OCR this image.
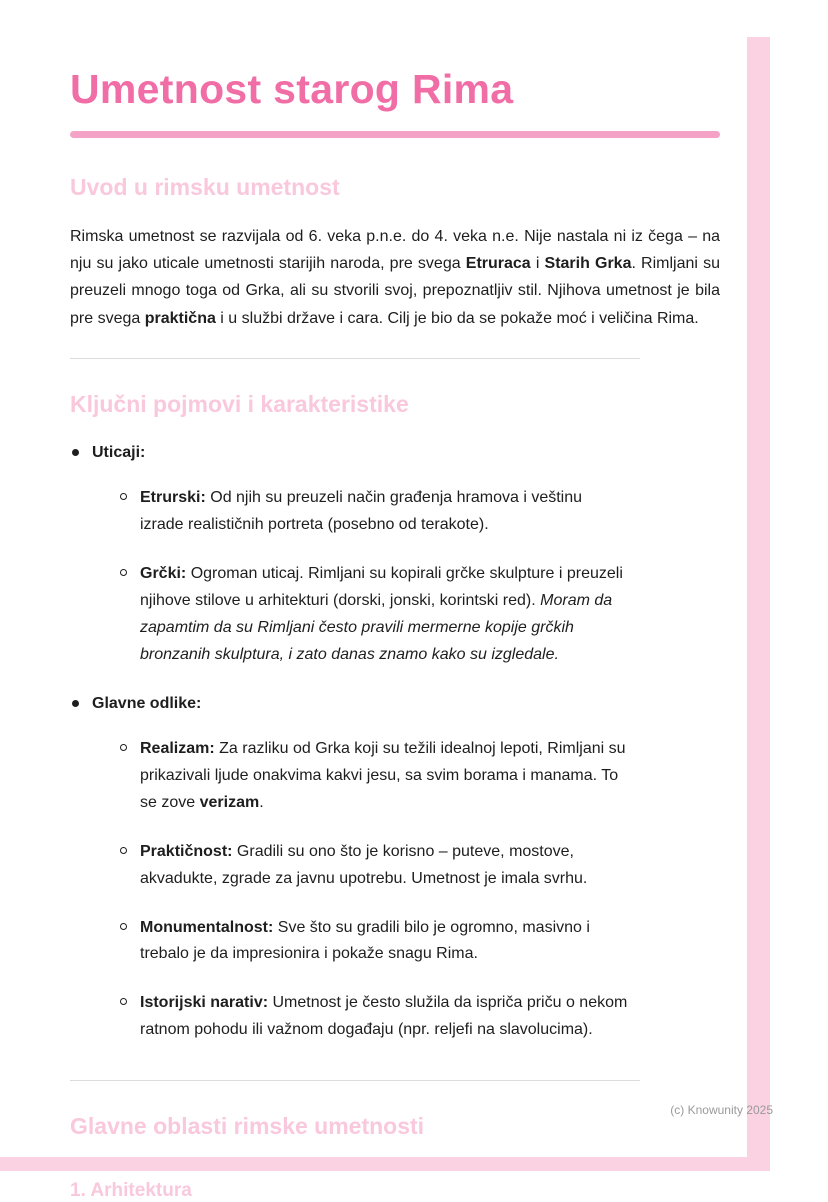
Umetnost starog Rima
Uvod u rimsku umetnost

Rimska umetnost se razvijala od 6. veka p.n.e. do 4. veka n.e. Nije nastala ni iz čega – na nju su jako uticale umetnosti starijih naroda, pre svega Etruraca i Starih Grka. Rimljani su preuzeli mnogo toga od Grka, ali su stvorili svoj, prepoznatljiv stil. Njihova umetnost je bila pre svega praktična i u službi države i cara. Cilj je bio da se pokaže moć i veličina Rima.

Ključni pojmovi i karakteristike
Uticaji:
Etrurski: Od njih su preuzeli način građenja hramova i veštinu izrade realističnih portreta (posebno od terakote).
Grčki: Ogroman uticaj. Rimljani su kopirali grčke skulpture i preuzeli njihove stilove u arhitekturi (dorski, jonski, korintski red). Moram da zapamtim da su Rimljani često pravili mermerne kopije grčkih bronzanih skulptura, i zato danas znamo kako su izgledale.
Glavne odlike:
Realizam: Za razliku od Grka koji su težili idealnoj lepoti, Rimljani su prikazivali ljude onakvima kakvi jesu, sa svim borama i manama. To se zove verizam.
Praktičnost: Gradili su ono što je korisno – puteve, mostove, akvadukte, zgrade za javnu upotrebu. Umetnost je imala svrhu.
Monumentalnost: Sve što su gradili bilo je ogromno, masivno i trebalo je da impresionira i pokaže snagu Rima.
Istorijski narativ: Umetnost je često služila da ispriča priču o nekom ratnom pohodu ili važnom događaju (npr. reljefi na slavolucima).
Glavne oblasti rimske umetnosti
1. Arhitektura
(c) Knowunity 2025
